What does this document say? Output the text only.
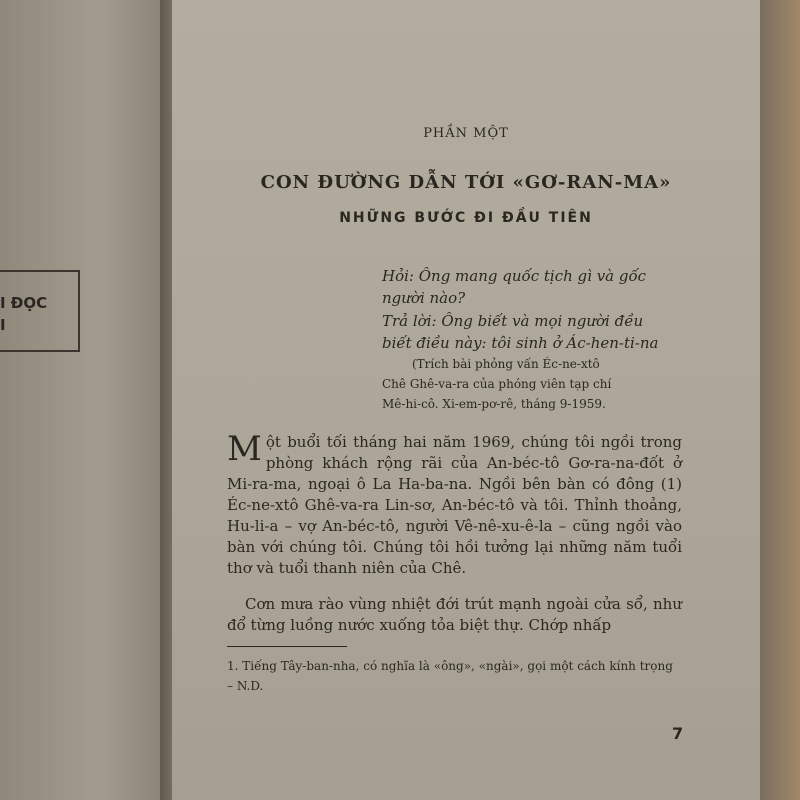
I ĐỌC
I
PHẦN MỘT
CON ĐƯỜNG DẪN TỚI «GƠ-RAN-MA»
NHỮNG BƯỚC ĐI ĐẦU TIÊN
Hỏi: Ông mang quốc tịch gì và gốc
người nào?
Trả lời: Ông biết và mọi người đều
biết điều này: tôi sinh ở Ác-hen-ti-na
(Trích bài phỏng vấn Éc-ne-xtô
Chê Ghê-va-ra của phóng viên tạp chí
Mê-hi-cô. Xi-em-pơ-rê, tháng 9-1959.
Một buổi tối tháng hai năm 1969, chúng tôi ngồi trong phòng khách rộng rãi của An-béc-tô Gơ-ra-na-đốt ở Mi-ra-ma, ngoại ô La Ha-ba-na. Ngồi bên bàn có đông (1) Éc-ne-xtô Ghê-va-ra Lin-sơ, An-béc-tô và tôi. Thỉnh thoảng, Hu-li-a – vợ An-béc-tô, người Vê-nê-xu-ê-la – cũng ngồi vào bàn với chúng tôi. Chúng tôi hồi tưởng lại những năm tuổi thơ và tuổi thanh niên của Chê.
Cơn mưa rào vùng nhiệt đới trút mạnh ngoài cửa sổ, như đổ từng luồng nước xuống tỏa biệt thự. Chớp nhấp
1. Tiếng Tây-ban-nha, có nghĩa là «ông», «ngài», gọi một cách kính trọng – N.D.
7
